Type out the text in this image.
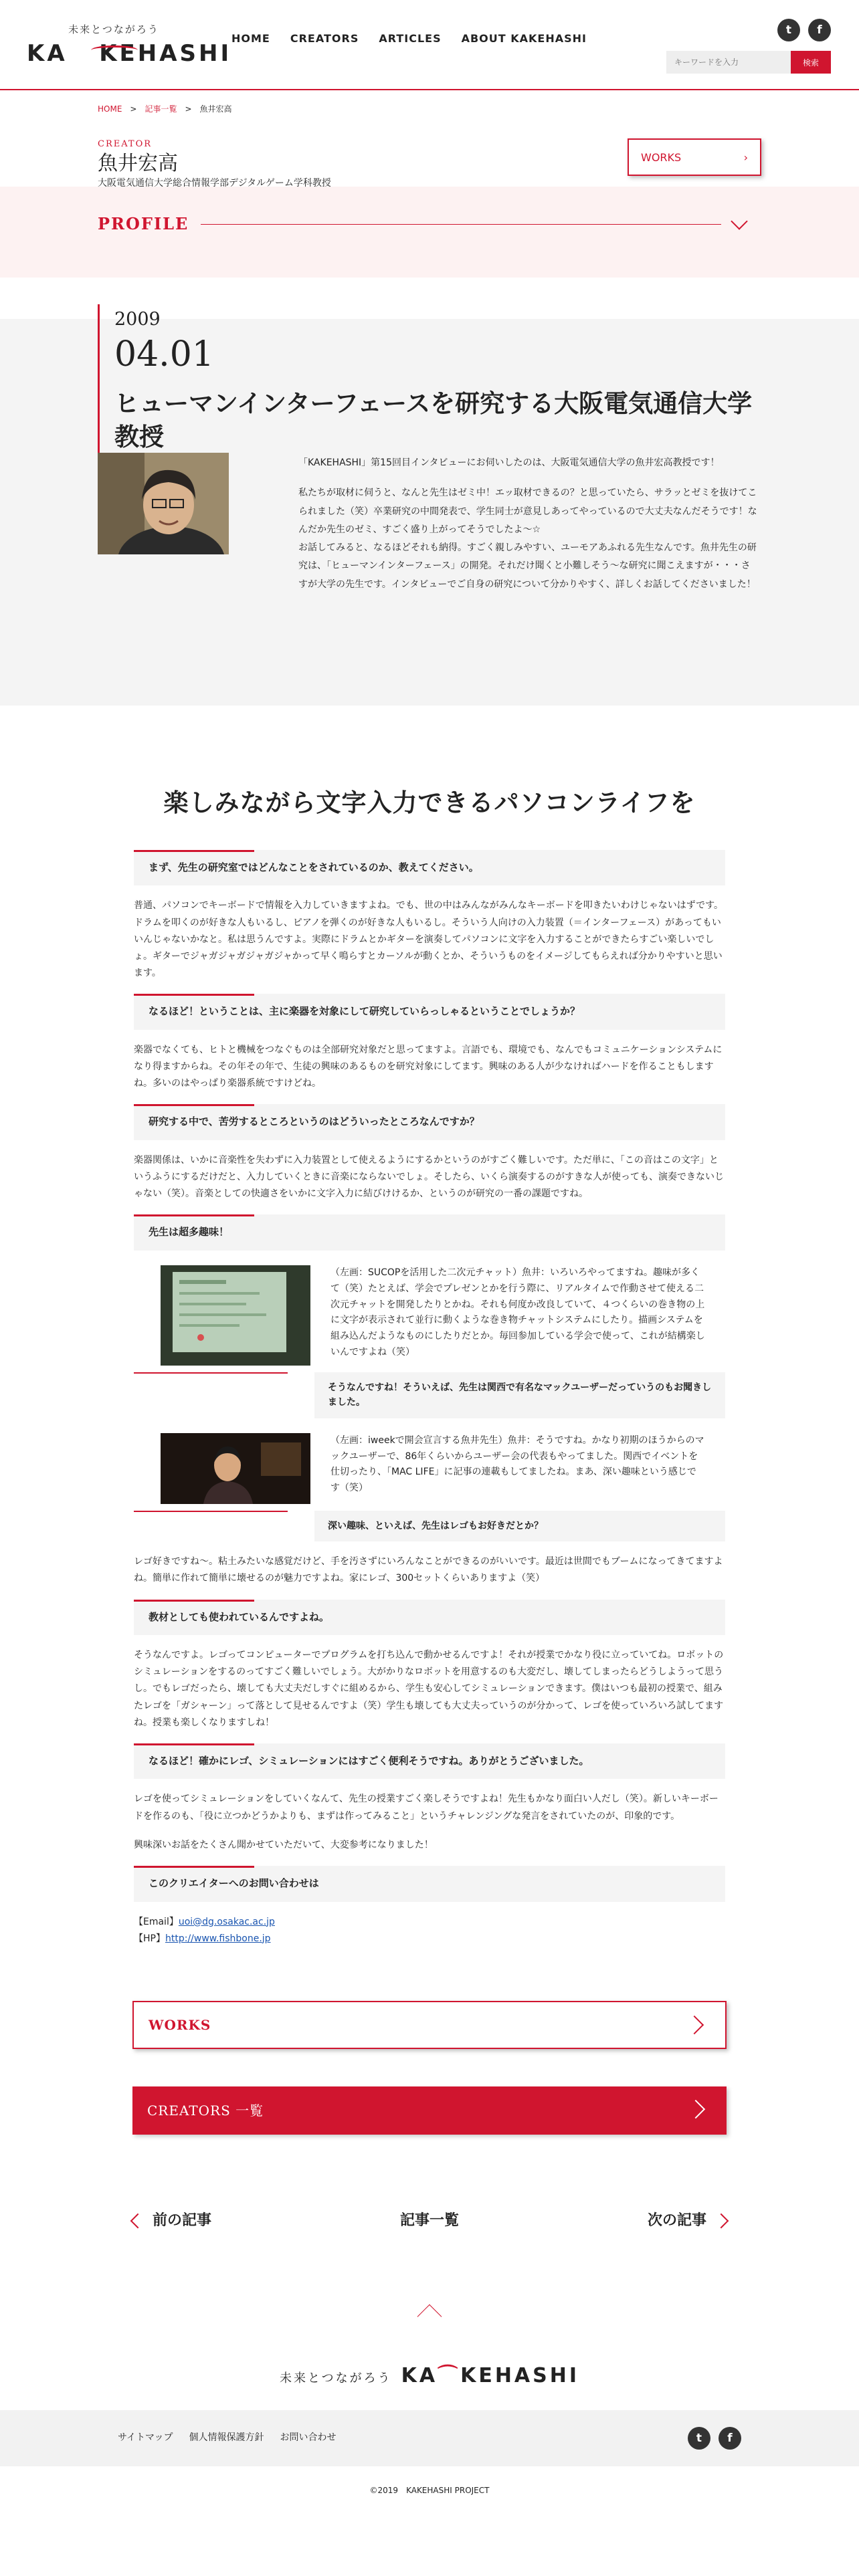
未来とつながろう
KA KEHASHI
HOME CREATORS ARTICLES ABOUT KAKEHASHI
t	f
キーワードを入力
検索
HOME > 記事一覧 > 魚井宏高
CREATOR
魚井宏高
大阪電気通信大学総合情報学部デジタルゲーム学科教授
WORKS	›
PROFILE
2009
04.01
ヒューマンインターフェースを研究する大阪電気通信大学教授

「KAKEHASHI」第15回目インタビューにお伺いしたのは、大阪電気通信大学の魚井宏高教授です！

私たちが取材に伺うと、なんと先生はゼミ中！エッ取材できるの？と思っていたら、サラッとゼミを抜けてこられました（笑）卒業研究の中間発表で、学生同士が意見しあってやっているので大丈夫なんだそうです！なんだか先生のゼミ、すごく盛り上がってそうでしたよ〜☆
お話してみると、なるほどそれも納得。すごく親しみやすい、ユーモアあふれる先生なんです。魚井先生の研究は、「ヒューマンインターフェース」の開発。それだけ聞くと小難しそう〜な研究に聞こえますが・・・さすが大学の先生です。インタビューでご自身の研究について分かりやすく、詳しくお話してくださいました！

楽しみながら文字入力できるパソコンライフを
まず、先生の研究室ではどんなことをされているのか、教えてください。

普通、パソコンでキーボードで情報を入力していきますよね。でも、世の中はみんながみんなキーボードを叩きたいわけじゃないはずです。ドラムを叩くのが好きな人もいるし、ピアノを弾くのが好きな人もいるし。そういう人向けの入力装置（＝インターフェース）があってもいいんじゃないかなと。私は思うんですよ。実際にドラムとかギターを演奏してパソコンに文字を入力することができたらすごい楽しいでしょ。ギターでジャガジャガジャガジャかって早く鳴らすとカーソルが動くとか、そういうものをイメージしてもらえれば分かりやすいと思います。

なるほど！ということは、主に楽器を対象にして研究していらっしゃるということでしょうか？

楽器でなくても、ヒトと機械をつなぐものは全部研究対象だと思ってますよ。言語でも、環境でも、なんでもコミュニケーションシステムになり得ますからね。その年その年で、生徒の興味のあるものを研究対象にしてます。興味のある人が少なければハードを作ることもしますね。多いのはやっぱり楽器系統ですけどね。

研究する中で、苦労するところというのはどういったところなんですか？

楽器関係は、いかに音楽性を失わずに入力装置として使えるようにするかというのがすごく難しいです。ただ単に、「この音はこの文字」というふうにするだけだと、入力していくときに音楽にならないでしょ。そしたら、いくら演奏するのがすきな人が使っても、演奏できないじゃない（笑）。音楽としての快適さをいかに文字入力に結びけけるか、というのが研究の一番の課題ですね。

先生は超多趣味！

（左画：SUCOPを活用した二次元チャット）魚井：いろいろやってますね。趣味が多くて（笑）たとえば、学会でプレゼンとかを行う際に、リアルタイムで作動させて使える二次元チャットを開発したりとかね。それも何度か改良していて、４つくらいの巻き物の上に文字が表示されて並行に動くような巻き物チャットシステムにしたり。描画システムを組み込んだようなものにしたりだとか。毎回参加している学会で使って、これが結構楽しいんですよね（笑）

そうなんですね！そういえば、先生は関西で有名なマックユーザーだっていうのもお聞きしました。

（左画：iweekで開会宣言する魚井先生）魚井：そうですね。かなり初期のほうからのマックユーザーで、86年くらいからユーザー会の代表もやってました。関西でイベントを仕切ったり、「MAC LIFE」に記事の連載もしてましたね。まあ、深い趣味という感じです（笑）

深い趣味、といえば、先生はレゴもお好きだとか？

レゴ好きですね〜。粘土みたいな感覚だけど、手を汚さずにいろんなことができるのがいいです。最近は世間でもブームになってきてますよね。簡単に作れて簡単に壊せるのが魅力ですよね。家にレゴ、300セットくらいありますよ（笑）

教材としても使われているんですよね。

そうなんですよ。レゴってコンピューターでプログラムを打ち込んで動かせるんですよ！それが授業でかなり役に立っていてね。ロボットのシミュレーションをするのってすごく難しいでしょう。大がかりなロボットを用意するのも大変だし、壊してしまったらどうしようって思うし。でもレゴだったら、壊しても大丈夫だしすぐに組めるから、学生も安心してシミュレーションできます。僕はいつも最初の授業で、組みたレゴを「ガシャーン」って落として見せるんですよ（笑）学生も壊しても大丈夫っていうのが分かって、レゴを使っていろいろ試してますね。授業も楽しくなりますしね！

なるほど！確かにレゴ、シミュレーションにはすごく便利そうですね。ありがとうございました。

レゴを使ってシミュレーションをしていくなんて、先生の授業すごく楽しそうですよね！先生もかなり面白い人だし（笑）。新しいキーボードを作るのも、「役に立つかどうかよりも、まずは作ってみること」というチャレンジングな発言をされていたのが、印象的です。

興味深いお話をたくさん聞かせていただいて、大変参考になりました！

このクリエイターへのお問い合わせは

【Email】uoi@dg.osakac.ac.jp
【HP】http://www.fishbone.jp

WORKS
CREATORS 一覧
前の記事	記事一覧	次の記事
未来とつながろう KA⌒KEHASHI
サイトマップ 個人情報保護方針 お問い合わせ	t	f
©2019　KAKEHASHI PROJECT
